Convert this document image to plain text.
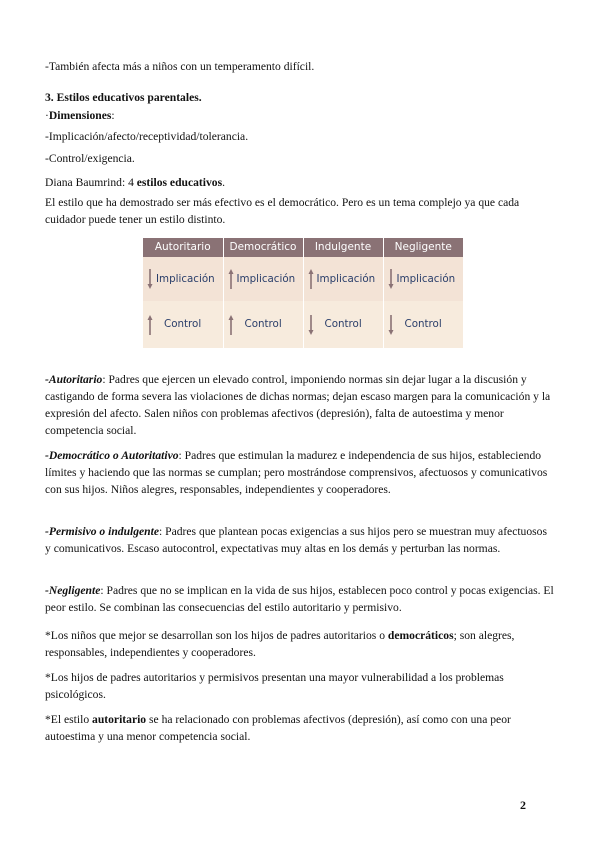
-También afecta más a niños con un temperamento difícil.

3. Estilos educativos parentales.

·Dimensiones:

-Implicación/afecto/receptividad/tolerancia.

-Control/exigencia.

Diana Baumrind: 4 estilos educativos.

El estilo que ha demostrado ser más efectivo es el democrático. Pero es un tema complejo ya que cada cuidador puede tener un estilo distinto.

Autoritario	Democrático	Indulgente	Negligente

Implicación	Implicación	Implicación	Implicación

Control	Control	Control	Control

-Autoritario: Padres que ejercen un elevado control, imponiendo normas sin dejar lugar a la discusión y castigando de forma severa las violaciones de dichas normas; dejan escaso margen para la comunicación y la expresión del afecto. Salen niños con problemas afectivos (depresión), falta de autoestima y menor competencia social.

-Democrático o Autoritativo: Padres que estimulan la madurez e independencia de sus hijos, estableciendo límites y haciendo que las normas se cumplan; pero mostrándose comprensivos, afectuosos y comunicativos con sus hijos. Niños alegres, responsables, independientes y cooperadores.

-Permisivo o indulgente: Padres que plantean pocas exigencias a sus hijos pero se muestran muy afectuosos y comunicativos. Escaso autocontrol, expectativas muy altas en los demás y perturban las normas.

-Negligente: Padres que no se implican en la vida de sus hijos, establecen poco control y pocas exigencias. El peor estilo. Se combinan las consecuencias del estilo autoritario y permisivo.

*Los niños que mejor se desarrollan son los hijos de padres autoritarios o democráticos; son alegres, responsables, independientes y cooperadores.

*Los hijos de padres autoritarios y permisivos presentan una mayor vulnerabilidad a los problemas psicológicos.

*El estilo autoritario se ha relacionado con problemas afectivos (depresión), así como con una peor autoestima y una menor competencia social.

2
